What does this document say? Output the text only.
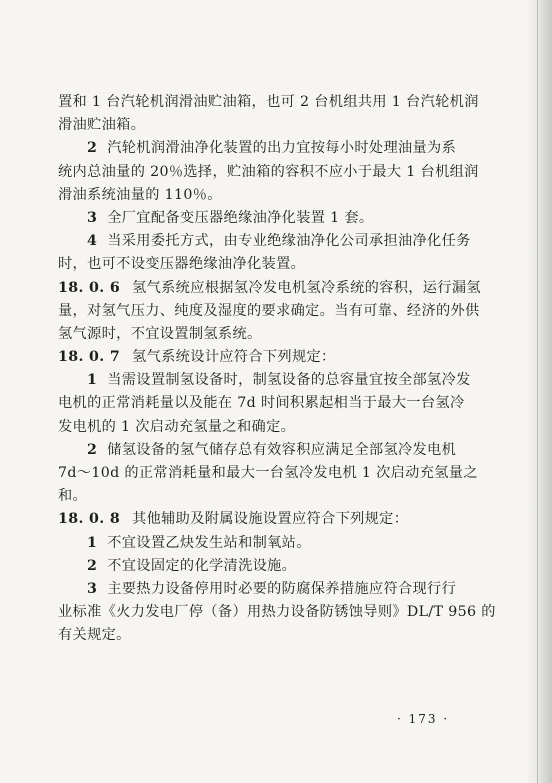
置和 1 台汽轮机润滑油贮油箱，也可 2 台机组共用 1 台汽轮机润
滑油贮油箱。
2 汽轮机润滑油净化装置的出力宜按每小时处理油量为系
统内总油量的 20％选择，贮油箱的容积不应小于最大 1 台机组润
滑油系统油量的 110％。
3 全厂宜配备变压器绝缘油净化装置 1 套。
4 当采用委托方式，由专业绝缘油净化公司承担油净化任务
时，也可不设变压器绝缘油净化装置。
18. 0. 6 氢气系统应根据氢冷发电机氢冷系统的容积，运行漏氢
量，对氢气压力、纯度及湿度的要求确定。当有可靠、经济的外供
氢气源时，不宜设置制氢系统。
18. 0. 7 氢气系统设计应符合下列规定：
1 当需设置制氢设备时，制氢设备的总容量宜按全部氢冷发
电机的正常消耗量以及能在 7d 时间积累起相当于最大一台氢冷
发电机的 1 次启动充氢量之和确定。
2 储氢设备的氢气储存总有效容积应满足全部氢冷发电机
7d～10d 的正常消耗量和最大一台氢冷发电机 1 次启动充氢量之
和。
18. 0. 8 其他辅助及附属设施设置应符合下列规定：
1 不宜设置乙炔发生站和制氧站。
2 不宜设固定的化学清洗设施。
3 主要热力设备停用时必要的防腐保养措施应符合现行行
业标准《火力发电厂停（备）用热力设备防锈蚀导则》DL/T 956 的
有关规定。
· 173 ·
